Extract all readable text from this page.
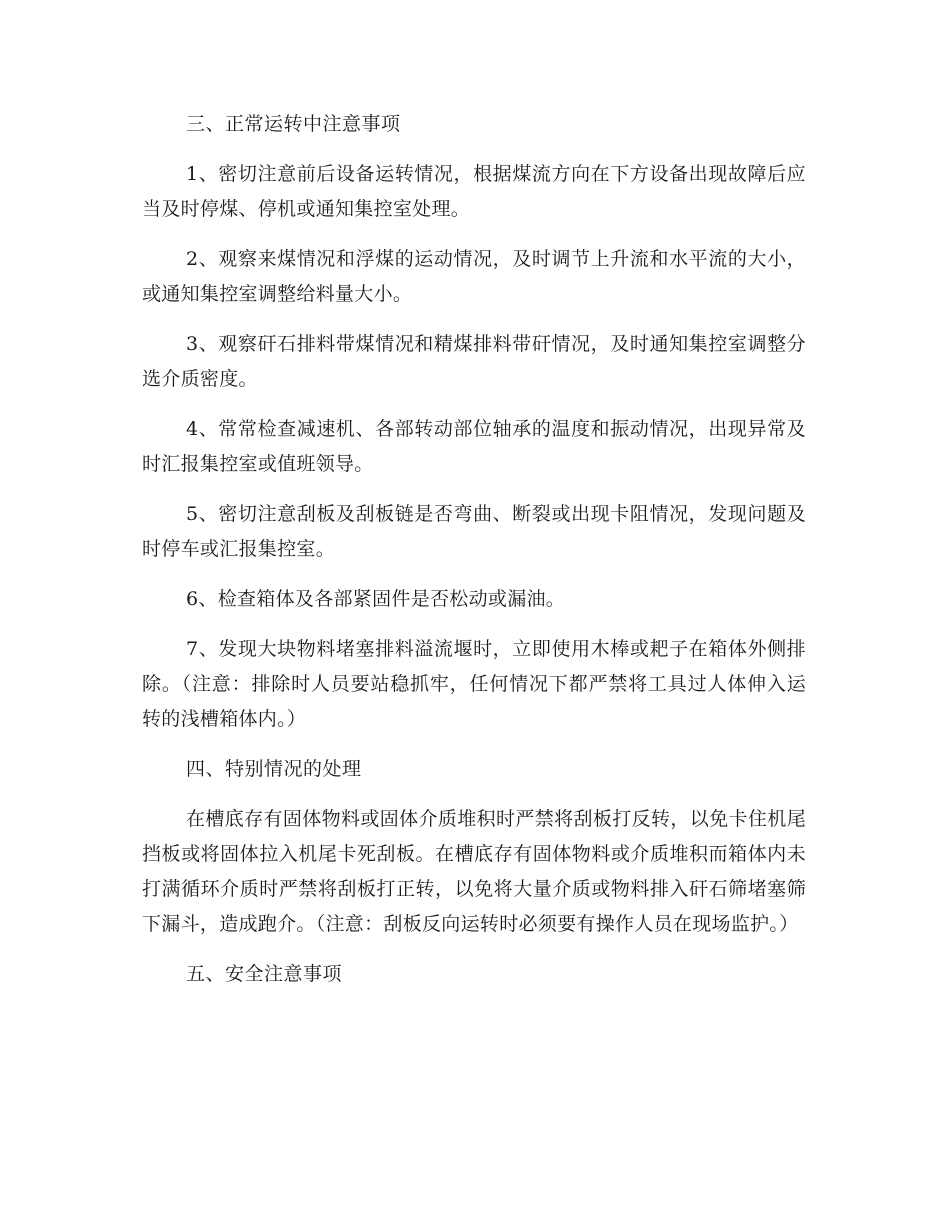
三、正常运转中注意事项

1、密切注意前后设备运转情况，根据煤流方向在下方设备出现故障后应当及时停煤、停机或通知集控室处理。

2、观察来煤情况和浮煤的运动情况，及时调节上升流和水平流的大小，或通知集控室调整给料量大小。

3、观察矸石排料带煤情况和精煤排料带矸情况，及时通知集控室调整分选介质密度。

4、常常检查减速机、各部转动部位轴承的温度和振动情况，出现异常及时汇报集控室或值班领导。

5、密切注意刮板及刮板链是否弯曲、断裂或出现卡阻情况，发现问题及时停车或汇报集控室。

6、检查箱体及各部紧固件是否松动或漏油。

7、发现大块物料堵塞排料溢流堰时，立即使用木棒或耙子在箱体外侧排除。（注意：排除时人员要站稳抓牢，任何情况下都严禁将工具过人体伸入运转的浅槽箱体内。）

四、特别情况的处理

在槽底存有固体物料或固体介质堆积时严禁将刮板打反转，以免卡住机尾挡板或将固体拉入机尾卡死刮板。在槽底存有固体物料或介质堆积而箱体内未打满循环介质时严禁将刮板打正转，以免将大量介质或物料排入矸石筛堵塞筛下漏斗，造成跑介。（注意：刮板反向运转时必须要有操作人员在现场监护。）

五、安全注意事项
